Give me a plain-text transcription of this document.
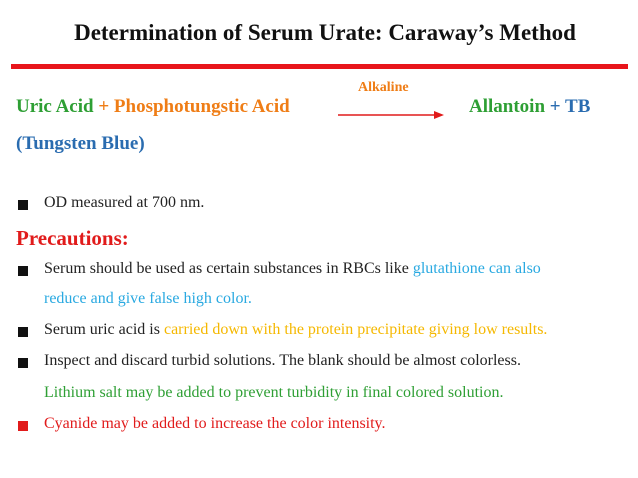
Determination of Serum Urate: Caraway’s Method
Uric Acid + Phosphotungstic Acid
Alkaline
Allantoin + TB
(Tungsten Blue)
OD measured at 700 nm.
Precautions:
Serum should be used as certain substances in RBCs like glutathione can also
reduce and give false high color.
Serum uric acid is carried down with the protein precipitate giving low results.
Inspect and discard turbid solutions. The blank should be almost colorless.
Lithium salt may be added to prevent turbidity in final colored solution.
Cyanide may be added to increase the color intensity.
